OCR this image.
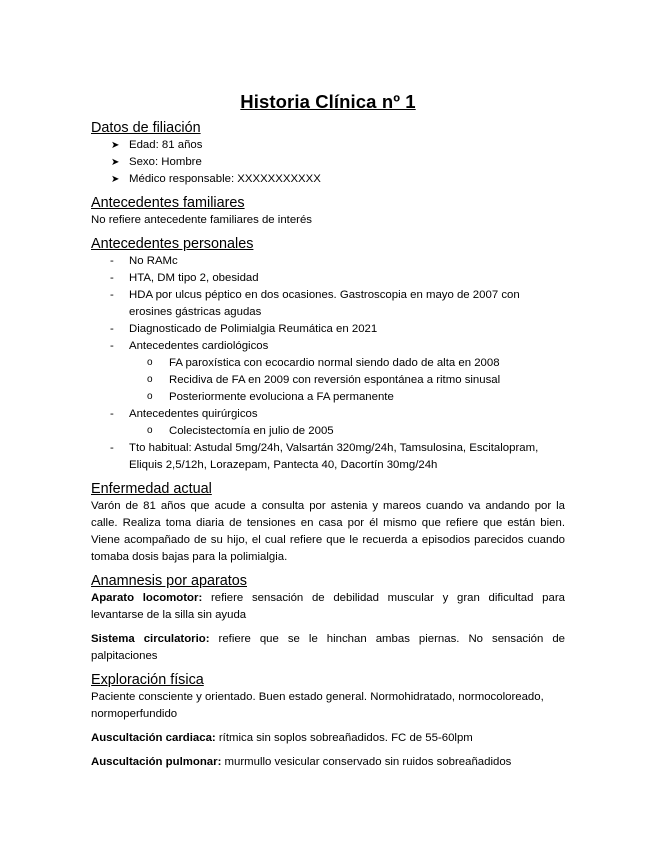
Historia Clínica nº 1
Datos de filiación
➤ Edad: 81 años
➤ Sexo: Hombre
➤ Médico responsable: XXXXXXXXXXX
Antecedentes familiares

No refiere antecedente familiares de interés

Antecedentes personales
- No RAMc
- HTA, DM tipo 2, obesidad
- HDA por ulcus péptico en dos ocasiones. Gastroscopia en mayo de 2007 con erosines gástricas agudas
- Diagnosticado de Polimialgia Reumática en 2021
- Antecedentes cardiológicos
o FA paroxística con ecocardio normal siendo dado de alta en 2008
o Recidiva de FA en 2009 con reversión espontánea a ritmo sinusal
o Posteriormente evoluciona a FA permanente
- Antecedentes quirúrgicos
o Colecistectomía en julio de 2005
- Tto habitual: Astudal 5mg/24h, Valsartán 320mg/24h, Tamsulosina, Escitalopram, Eliquis 2,5/12h, Lorazepam, Pantecta 40, Dacortín 30mg/24h
Enfermedad actual

Varón de 81 años que acude a consulta por astenia y mareos cuando va andando por la calle. Realiza toma diaria de tensiones en casa por él mismo que refiere que están bien. Viene acompañado de su hijo, el cual refiere que le recuerda a episodios parecidos cuando tomaba dosis bajas para la polimialgia.

Anamnesis por aparatos

Aparato locomotor: refiere sensación de debilidad muscular y gran dificultad para levantarse de la silla sin ayuda

Sistema circulatorio: refiere que se le hinchan ambas piernas. No sensación de palpitaciones

Exploración física

Paciente consciente y orientado. Buen estado general. Normohidratado, normocoloreado, normoperfundido

Auscultación cardiaca: rítmica sin soplos sobreañadidos. FC de 55-60lpm

Auscultación pulmonar: murmullo vesicular conservado sin ruidos sobreañadidos
